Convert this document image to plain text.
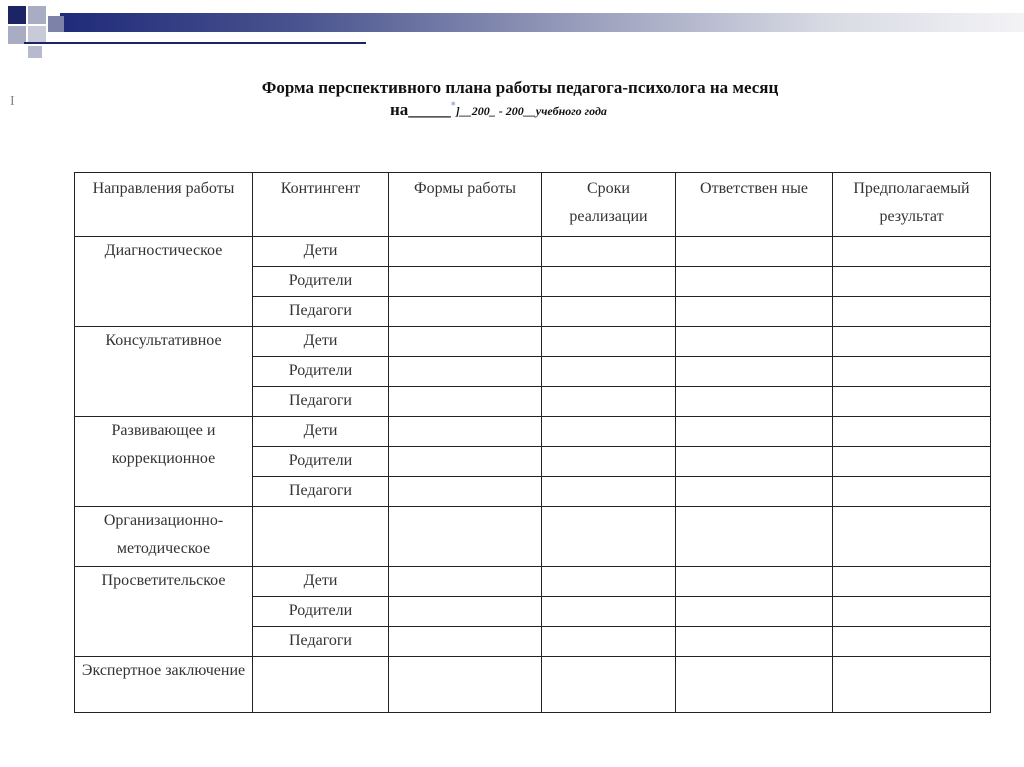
I
Форма перспективного плана работы педагога-психолога на месяц
на_____*]__200_ - 200__учебного года
Направления работы	Контингент	Формы работы	Сроки реализации	Ответствен ные	Предполагаемый результат
Диагностическое	Дети				
	Родители				
	Педагоги				
Консультативное	Дети				
	Родители				
	Педагоги				
Развивающее и коррекционное	Дети				
	Родители				
	Педагоги				
Организационно-методическое					
Просветительское	Дети				
	Родители				
	Педагоги				
Экспертное заключение					
